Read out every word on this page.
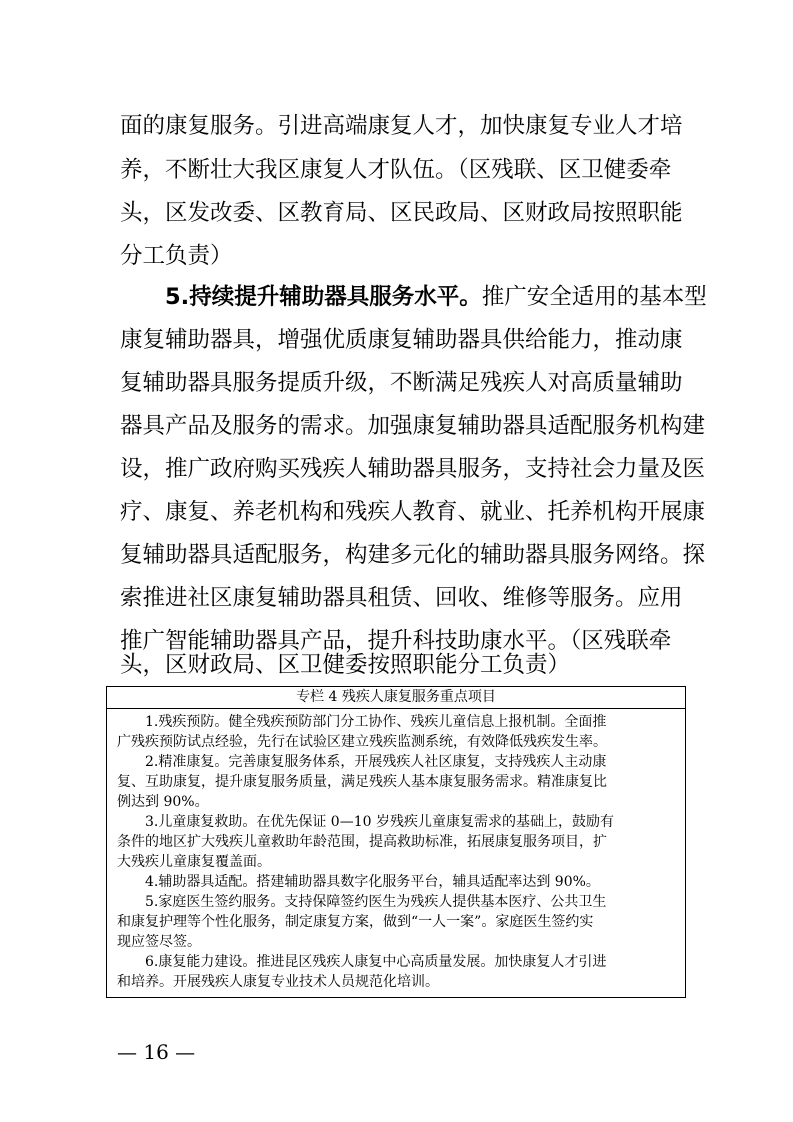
面的康复服务。引进高端康复人才，加快康复专业人才培
养，不断壮大我区康复人才队伍。（区残联、区卫健委牵
头，区发改委、区教育局、区民政局、区财政局按照职能
分工负责）
5.持续提升辅助器具服务水平。推广安全适用的基本型
康复辅助器具，增强优质康复辅助器具供给能力，推动康
复辅助器具服务提质升级，不断满足残疾人对高质量辅助
器具产品及服务的需求。加强康复辅助器具适配服务机构建
设，推广政府购买残疾人辅助器具服务，支持社会力量及医
疗、康复、养老机构和残疾人教育、就业、托养机构开展康
复辅助器具适配服务，构建多元化的辅助器具服务网络。探
索推进社区康复辅助器具租赁、回收、维修等服务。应用
推广智能辅助器具产品，提升科技助康水平。（区残联牵
头，区财政局、区卫健委按照职能分工负责）
专栏 4 残疾人康复服务重点项目
1.残疾预防。健全残疾预防部门分工协作、残疾儿童信息上报机制。全面推
广残疾预防试点经验，先行在试验区建立残疾监测系统，有效降低残疾发生率。
2.精准康复。完善康复服务体系，开展残疾人社区康复，支持残疾人主动康
复、互助康复，提升康复服务质量，满足残疾人基本康复服务需求。精准康复比
例达到 90%。
3.儿童康复救助。在优先保证 0—10 岁残疾儿童康复需求的基础上，鼓励有
条件的地区扩大残疾儿童救助年龄范围，提高救助标准，拓展康复服务项目，扩
大残疾儿童康复覆盖面。
4.辅助器具适配。搭建辅助器具数字化服务平台，辅具适配率达到 90%。
5.家庭医生签约服务。支持保障签约医生为残疾人提供基本医疗、公共卫生
和康复护理等个性化服务，制定康复方案，做到“一人一案”。家庭医生签约实
现应签尽签。
6.康复能力建设。推进昆区残疾人康复中心高质量发展。加快康复人才引进
和培养。开展残疾人康复专业技术人员规范化培训。
— 16 —
